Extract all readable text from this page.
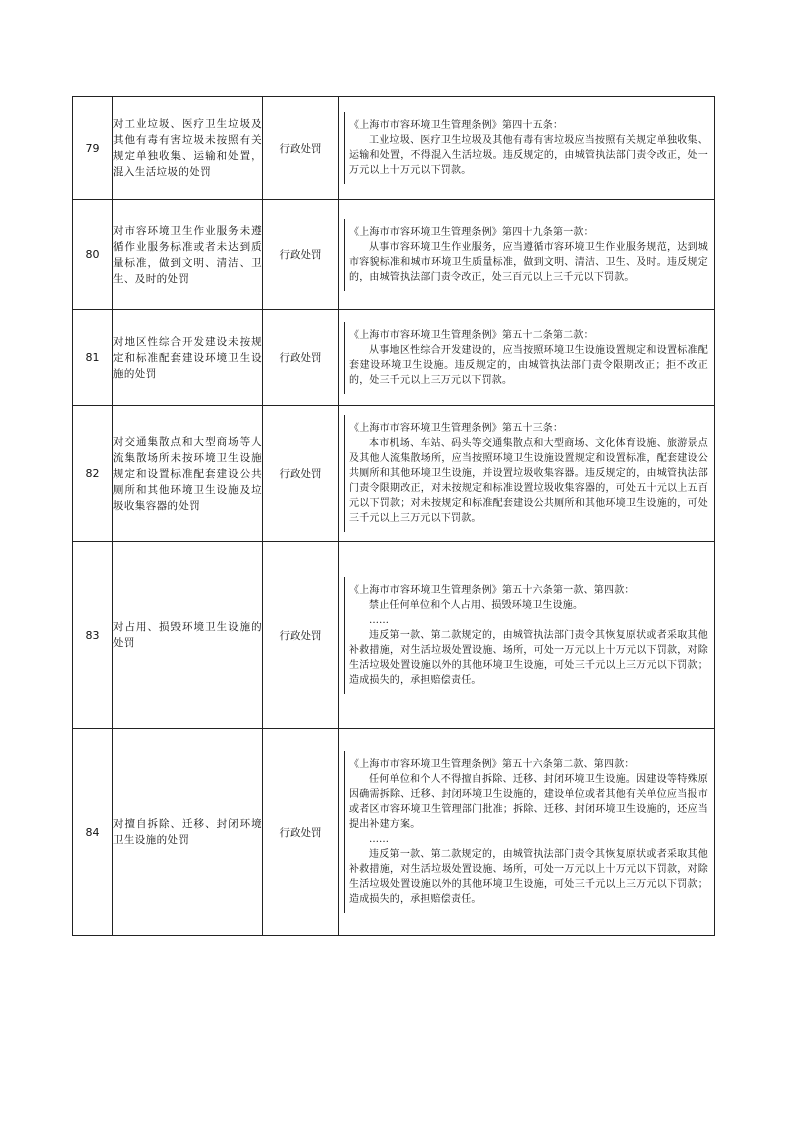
79	对工业垃圾、医疗卫生垃圾及其他有毒有害垃圾未按照有关规定单独收集、运输和处置，混入生活垃圾的处罚	行政处罚	《上海市市容环境卫生管理条例》第四十五条：
工业垃圾、医疗卫生垃圾及其他有毒有害垃圾应当按照有关规定单独收集、运输和处置，不得混入生活垃圾。违反规定的，由城管执法部门责令改正，处一万元以上十万元以下罚款。

80	对市容环境卫生作业服务未遵循作业服务标准或者未达到质量标准，做到文明、清洁、卫生、及时的处罚	行政处罚	《上海市市容环境卫生管理条例》第四十九条第一款：
从事市容环境卫生作业服务，应当遵循市容环境卫生作业服务规范，达到城市容貌标准和城市环境卫生质量标准，做到文明、清洁、卫生、及时。违反规定的，由城管执法部门责令改正，处三百元以上三千元以下罚款。

81	对地区性综合开发建设未按规定和标准配套建设环境卫生设施的处罚	行政处罚	《上海市市容环境卫生管理条例》第五十二条第二款：
从事地区性综合开发建设的，应当按照环境卫生设施设置规定和设置标准配套建设环境卫生设施。违反规定的，由城管执法部门责令限期改正；拒不改正的，处三千元以上三万元以下罚款。

82	对交通集散点和大型商场等人流集散场所未按环境卫生设施规定和设置标准配套建设公共厕所和其他环境卫生设施及垃圾收集容器的处罚	行政处罚	《上海市市容环境卫生管理条例》第五十三条：
本市机场、车站、码头等交通集散点和大型商场、文化体育设施、旅游景点及其他人流集散场所，应当按照环境卫生设施设置规定和设置标准，配套建设公共厕所和其他环境卫生设施，并设置垃圾收集容器。违反规定的，由城管执法部门责令限期改正，对未按规定和标准设置垃圾收集容器的，可处五十元以上五百元以下罚款；对未按规定和标准配套建设公共厕所和其他环境卫生设施的，可处三千元以上三万元以下罚款。

83	对占用、损毁环境卫生设施的处罚	行政处罚	《上海市市容环境卫生管理条例》第五十六条第一款、第四款：
禁止任何单位和个人占用、损毁环境卫生设施。
……
违反第一款、第二款规定的，由城管执法部门责令其恢复原状或者采取其他补救措施，对生活垃圾处置设施、场所，可处一万元以上十万元以下罚款，对除生活垃圾处置设施以外的其他环境卫生设施，可处三千元以上三万元以下罚款；造成损失的，承担赔偿责任。

84	对擅自拆除、迁移、封闭环境卫生设施的处罚	行政处罚	《上海市市容环境卫生管理条例》第五十六条第二款、第四款：
任何单位和个人不得擅自拆除、迁移、封闭环境卫生设施。因建设等特殊原因确需拆除、迁移、封闭环境卫生设施的，建设单位或者其他有关单位应当报市或者区市容环境卫生管理部门批准；拆除、迁移、封闭环境卫生设施的，还应当提出补建方案。
……
违反第一款、第二款规定的，由城管执法部门责令其恢复原状或者采取其他补救措施，对生活垃圾处置设施、场所，可处一万元以上十万元以下罚款，对除生活垃圾处置设施以外的其他环境卫生设施，可处三千元以上三万元以下罚款；造成损失的，承担赔偿责任。
